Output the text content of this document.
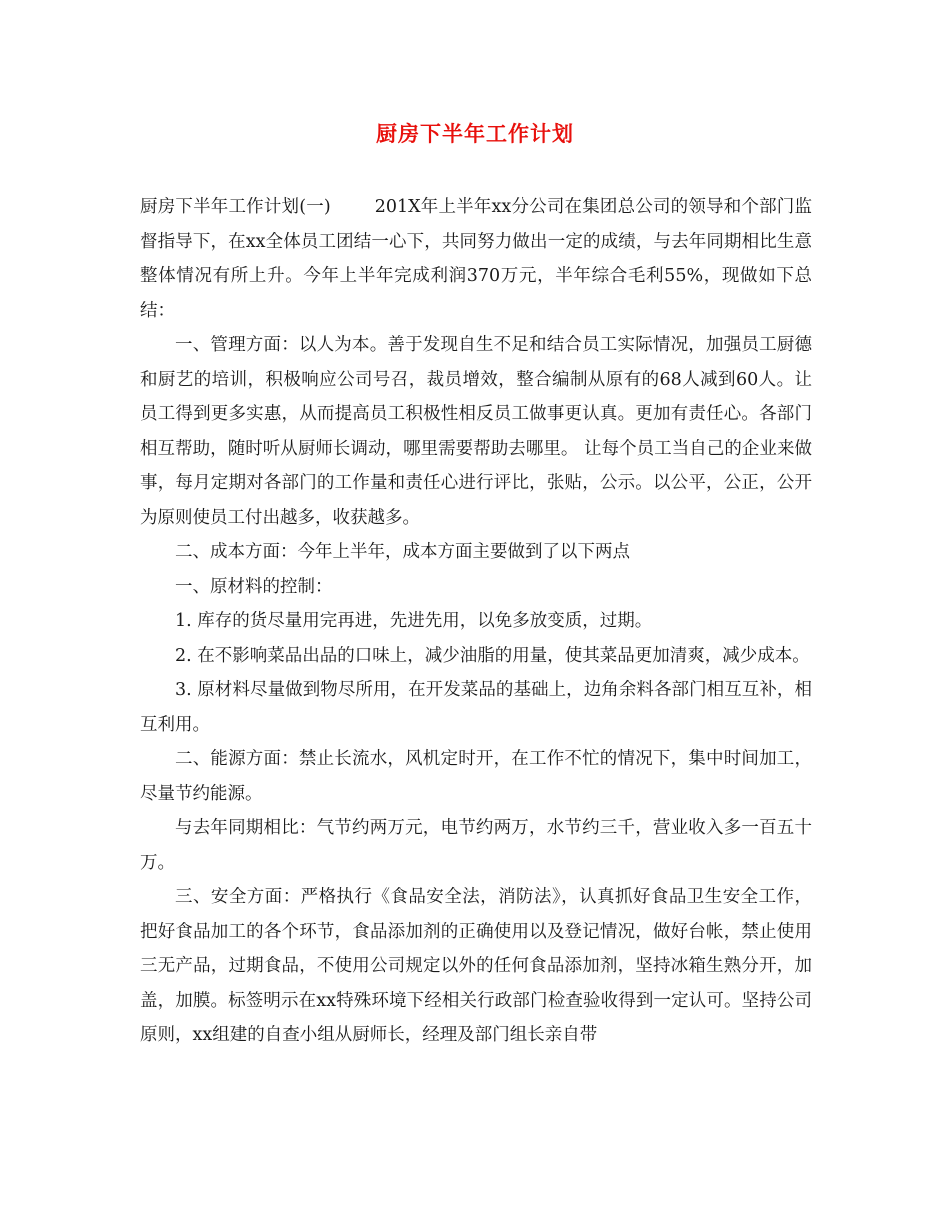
厨房下半年工作计划

厨房下半年工作计划(一)	201X年上半年xx分公司在集团总公司的领导和个部门监督指导下，在xx全体员工团结一心下，共同努力做出一定的成绩，与去年同期相比生意整体情况有所上升。今年上半年完成利润370万元，半年综合毛利55%，现做如下总结：

一、管理方面：以人为本。善于发现自生不足和结合员工实际情况，加强员工厨德和厨艺的培训，积极响应公司号召，裁员增效，整合编制从原有的68人减到60人。让员工得到更多实惠，从而提高员工积极性相反员工做事更认真。更加有责任心。各部门相互帮助，随时听从厨师长调动，哪里需要帮助去哪里。 让每个员工当自己的企业来做事，每月定期对各部门的工作量和责任心进行评比，张贴，公示。以公平，公正，公开为原则使员工付出越多，收获越多。

二、成本方面：今年上半年，成本方面主要做到了以下两点

一、原材料的控制：

1. 库存的货尽量用完再进，先进先用，以免多放变质，过期。

2. 在不影响菜品出品的口味上，减少油脂的用量，使其菜品更加清爽，减少成本。

3. 原材料尽量做到物尽所用，在开发菜品的基础上，边角余料各部门相互互补，相互利用。

二、能源方面：禁止长流水，风机定时开，在工作不忙的情况下，集中时间加工，尽量节约能源。

与去年同期相比：气节约两万元，电节约两万，水节约三千，营业收入多一百五十万。

三、安全方面：严格执行《食品安全法，消防法》，认真抓好食品卫生安全工作，把好食品加工的各个环节，食品添加剂的正确使用以及登记情况，做好台帐，禁止使用三无产品，过期食品，不使用公司规定以外的任何食品添加剂，坚持冰箱生熟分开，加盖，加膜。标签明示在xx特殊环境下经相关行政部门检查验收得到一定认可。坚持公司原则，xx组建的自查小组从厨师长，经理及部门组长亲自带
